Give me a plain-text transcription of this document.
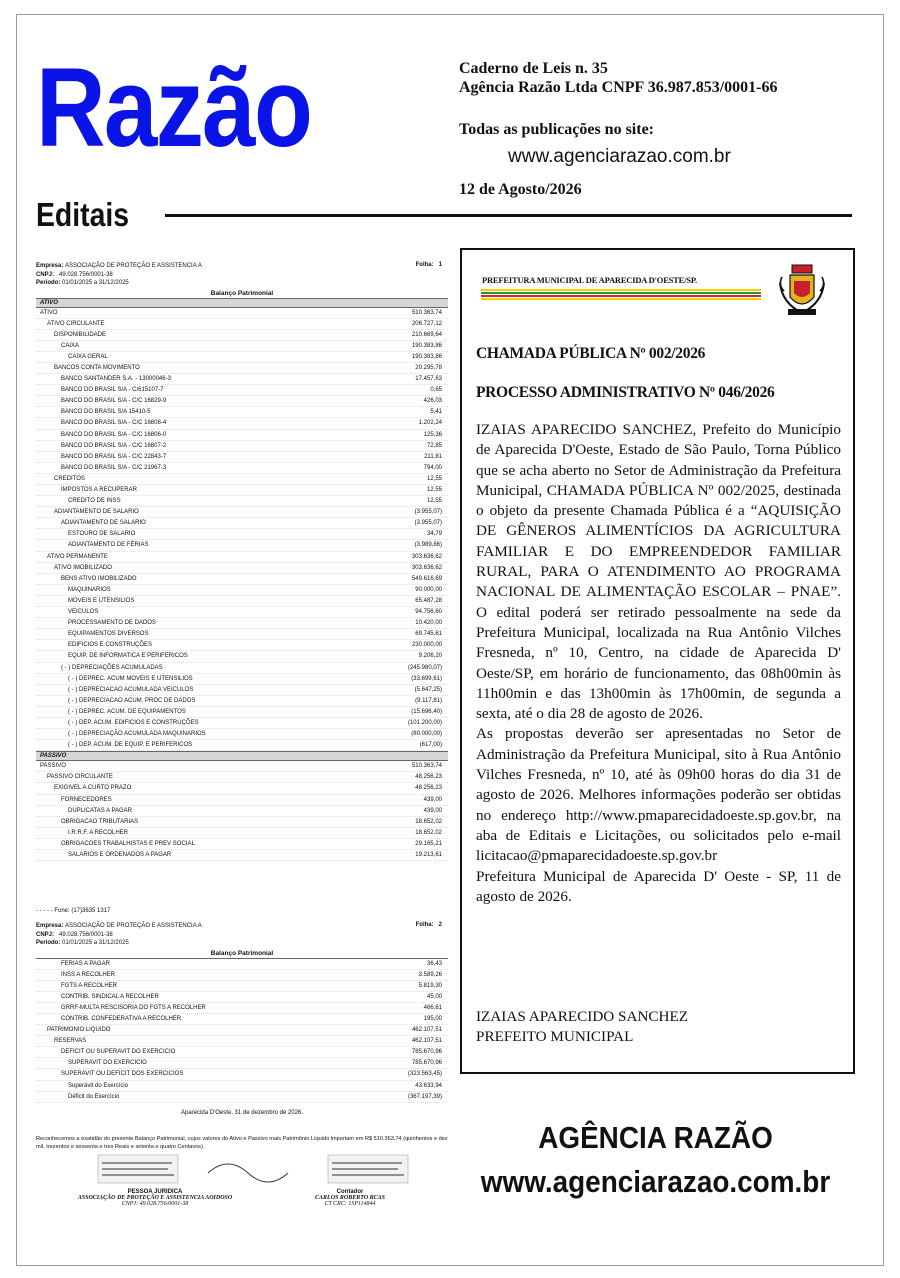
Razão
Editais
Caderno de Leis n. 35
Agência Razão Ltda CNPF 36.987.853/0001-66
Todas as publicações no site:
www.agenciarazao.com.br
12 de Agosto/2026
Empresa: ASSOCIAÇÃO DE PROTEÇÃO E ASSISTENCIA A
CNPJ: 49.028.756/0001-38
Período: 01/01/2025 a 31/12/2025
Folha: 1
Balanço Patrimonial
ATIVO
ATIVO	510.363,74
ATIVO CIRCULANTE	206.727,12
DISPONIBILIDADE	210.669,64
CAIXA	190.383,86
CAIXA GERAL	190.383,86
BANCOS CONTA MOVIMENTO	20.295,78
BANCO SANTANDER S.A. - 13000046-3	17.457,63
BANCO DO BRASIL S/A - C/615107-7	0,65
BANCO DO BRASIL S/A - C/C 16829-9	426,03
BANCO DO BRASIL S/A 15410-5	5,41
BANCO DO BRASIL S/A - C/C 16808-4	1.202,24
BANCO DO BRASIL S/A - C/C 16806-0	125,36
BANCO DO BRASIL S/A - C/C 16807-2	72,85
BANCO DO BRASIL S/A - C/C 22843-7	211,81
BANCO DO BRASIL S/A - C/C 21967-3	794,00
CREDITOS	12,55
IMPOSTOS A RECUPERAR	12,55
CREDITO DE INSS	12,55
ADIANTAMENTO DE SALARIO	(3.955,07)
ADIANTAMENTO DE SALARIO	(3.955,07)
ESTOURO DE SALARIO	34,79
ADIANTAMENTO DE FÉRIAS	(3.989,86)
ATIVO PERMANENTE	303.636,62
ATIVO IMOBILIZADO	303.636,62
BENS ATIVO IMOBILIZADO	549.616,69
MAQUINARIOS	90.000,00
MOVEIS E UTENSILIOS	65.487,28
VEICULOS	94.756,60
PROCESSAMENTO DE DADOS	10.420,00
EQUIPAMENTOS DIVERSOS	69.745,61
EDIFICIOS E CONSTRUÇÕES	230.000,00
EQUIP. DE INFORMATICA E PERIFERICOS	9.206,20
( - ) DEPRECIAÇÕES ACUMULADAS	(245.980,07)
( - ) DEPREC. ACUM MOVEIS E UTENSILIOS	(33.699,61)
( - ) DEPRECIACAO ACUMULADA VEICULOS	(5.647,25)
( - ) DEPRECIACAO ACUM. PROC DE DADOS	(9.117,81)
( - ) DEPREC. ACUM. DE EQUIPAMENTOS	(15.696,40)
( - ) DEP. ACUM. EDIFICIOS E CONSTRUÇÕES	(101.200,00)
( - ) DEPRECIAÇÃO ACUMULADA MAQUINARIOS	(80.000,00)
( - ) DEP. ACUM. DE EQUIP. E PERIFERICOS	(617,00)
PASSIVO
PASSIVO	510.363,74
PASSIVO CIRCULANTE	48.256,23
EXIGIVEL A CURTO PRAZO	48.256,23
FORNECEDORES	439,00
DUPLICATAS A PAGAR	439,00
OBRIGACAO TRIBUTARIAS	18.652,02
I.R.R.F. A RECOLHER	18.652,02
OBRIGACOES TRABALHISTAS E PREV SOCIAL	29.165,21
SALARIOS E ORDENADOS A PAGAR	19.213,61
- - - - - Fone: (17)3635 1317
Empresa: ASSOCIAÇÃO DE PROTEÇÃO E ASSISTENCIA A
CNPJ: 49.028.756/0001-38
Período: 01/01/2025 a 31/12/2025
Folha: 2
Balanço Patrimonial
FERIAS A PAGAR	36,43
INSS A RECOLHER	3.589,26
FGTS A RECOLHER	5.819,30
CONTRIB. SINDICAL A RECOLHER	45,00
GRRF-MULTA RESCISORIA DO FGTS A RECOLHER	466,61
CONTRIB. CONFEDERATIVA A RECOLHER	195,00
PATRIMONIO LIQUIDO	462.107,51
RESERVAS	462.107,51
DEFICIT OU SUPERAVIT DO EXERCICIO	785.670,96
SUPERAVIT DO EXERCICIO	785.670,96
SUPERAVIT OU DEFICIT DOS EXERCICIOS	(323.563,45)
Superávit do Exercício	43.633,94
Déficit do Exercício	(367.197,39)
Aparecida D'Oeste, 31 de dezembro de 2026.
Reconhecemos a exatidão do presente Balanço Patrimonial, cujos valores do Ativo e Passivo mais Patrimônio Líquido importam em R$ 510.363,74 (quinhentos e dez mil, trezentos e sessenta e tres Reais e setenta e quatro Centavos).
PESSOA JURIDICA
ASSOCIAÇÃO DE PROTEÇÃO E ASSISTENCIA AOIDOSO
CNPJ: 49.028.756/0001-38
Contador
CARLOS ROBERTO RCAS
CT CRC: 1SP114844
PREFEITURA MUNICIPAL DE APARECIDA D'OESTE/SP.
CHAMADA PÚBLICA Nº 002/2026
PROCESSO ADMINISTRATIVO Nº 046/2026

IZAIAS APARECIDO SANCHEZ, Prefeito do Município de Aparecida D'Oeste, Estado de São Paulo, Torna Público que se acha aberto no Setor de Administração da Prefeitura Municipal, CHAMADA PÚBLICA Nº 002/2025, destinada o objeto da presente Chamada Pública é a “AQUISIÇÃO DE GÊNEROS ALIMENTÍCIOS DA AGRICULTURA FAMILIAR E DO EMPREENDEDOR FAMILIAR RURAL, PARA O ATENDIMENTO AO PROGRAMA NACIONAL DE ALIMENTAÇÃO ESCOLAR – PNAE”. O edital poderá ser retirado pessoalmente na sede da Prefeitura Municipal, localizada na Rua Antônio Vilches Fresneda, nº 10, Centro, na cidade de Aparecida D' Oeste/SP, em horário de funcionamento, das 08h00min às 11h00min e das 13h00min às 17h00min, de segunda a sexta, até o dia 28 de agosto de 2026.

As propostas deverão ser apresentadas no Setor de Administração da Prefeitura Municipal, sito à Rua Antônio Vilches Fresneda, nº 10, até às 09h00 horas do dia 31 de agosto de 2026. Melhores informações poderão ser obtidas no endereço http://www.pmaparecidadoeste.sp.gov.br, na aba de Editais e Licitações, ou solicitados pelo e-mail licitacao@pmaparecidadoeste.sp.gov.br

Prefeitura Municipal de Aparecida D' Oeste - SP, 11 de agosto de 2026.

IZAIAS APARECIDO SANCHEZ
PREFEITO MUNICIPAL
AGÊNCIA RAZÃO
www.agenciarazao.com.br
